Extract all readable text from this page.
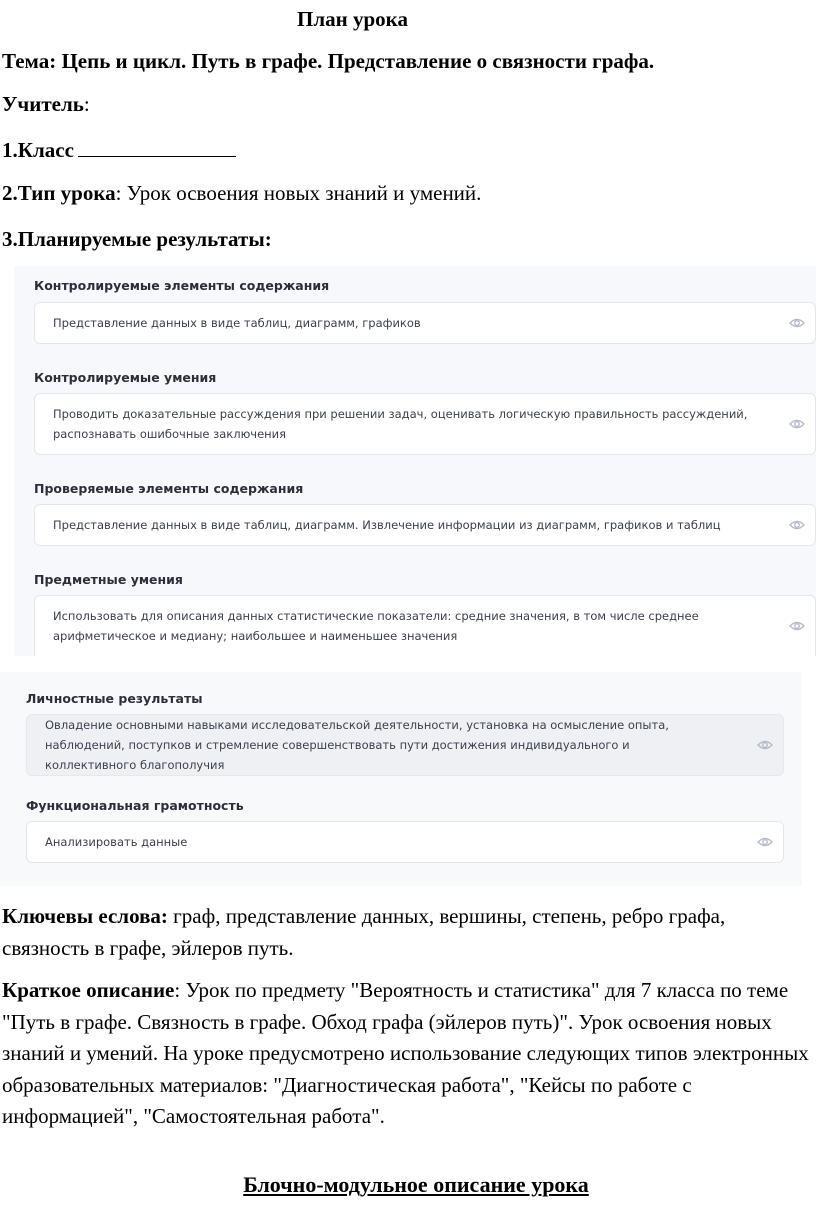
План урока
Тема: Цепь и цикл. Путь в графе. Представление о связности графа.
Учитель:
1.Класс
2.Тип урока: Урок освоения новых знаний и умений.
3.Планируемые результаты:
Контролируемые элементы содержания
Представление данных в виде таблиц, диаграмм, графиков
Контролируемые умения
Проводить доказательные рассуждения при решении задач, оценивать логическую правильность рассуждений, распознавать ошибочные заключения
Проверяемые элементы содержания
Представление данных в виде таблиц, диаграмм. Извлечение информации из диаграмм, графиков и таблиц
Предметные умения
Использовать для описания данных статистические показатели: средние значения, в том числе среднее арифметическое и медиану; наибольшее и наименьшее значения
Личностные результаты
Овладение основными навыками исследовательской деятельности, установка на осмысление опыта, наблюдений, поступков и стремление совершенствовать пути достижения индивидуального и коллективного благополучия
Функциональная грамотность
Анализировать данные
Ключевы еслова: граф, представление данных, вершины, степень, ребро графа, связность в графе, эйлеров путь.
Краткое описание: Урок по предмету "Вероятность и статистика" для 7 класса по теме "Путь в графе. Связность в графе. Обход графа (эйлеров путь)". Урок освоения новых знаний и умений. На уроке предусмотрено использование следующих типов электронных образовательных материалов: "Диагностическая работа", "Кейсы по работе с информацией", "Самостоятельная работа".
Блочно-модульное описание урока
